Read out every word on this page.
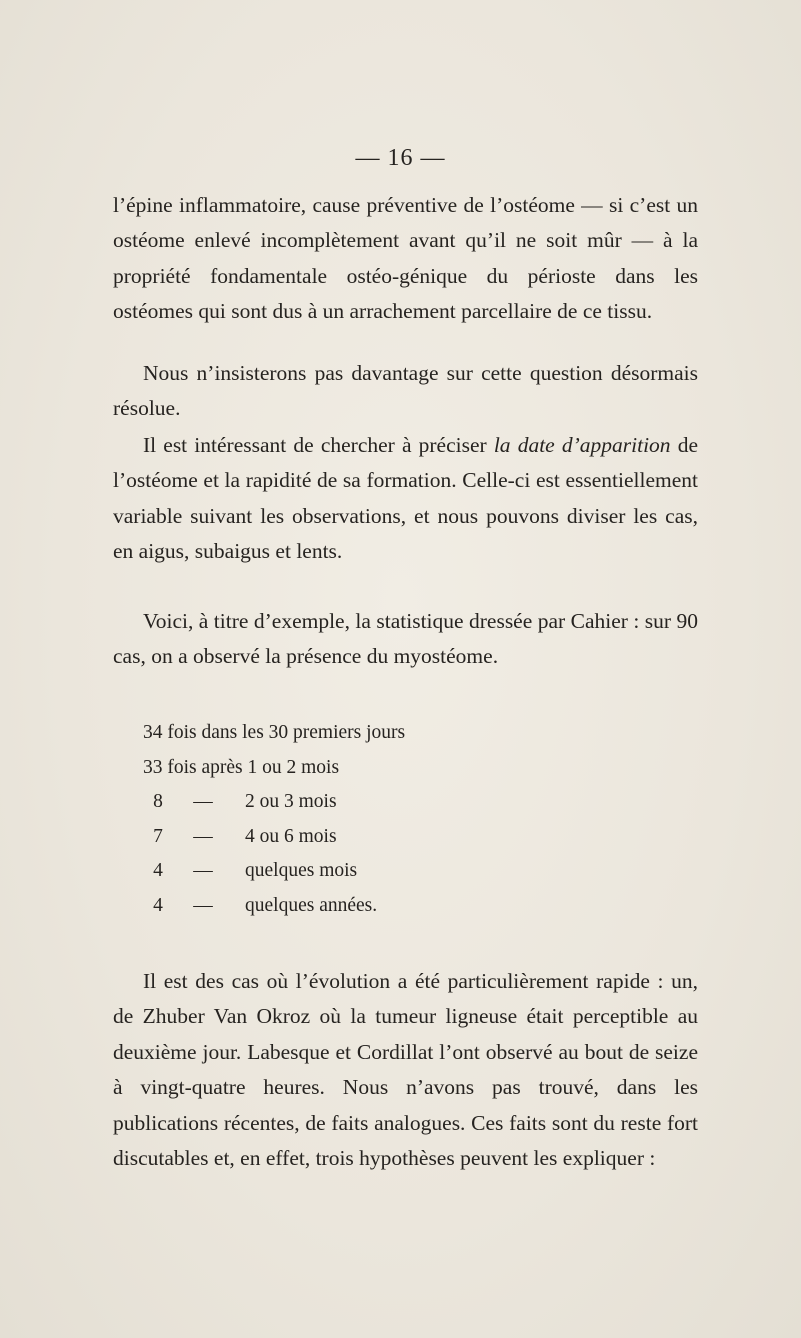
— 16 —

l’épine inflammatoire, cause préventive de l’ostéome — si c’est un ostéome enlevé incomplètement avant qu’il ne soit mûr — à la propriété fondamentale ostéo-génique du périoste dans les ostéomes qui sont dus à un arrachement parcellaire de ce tissu.

Nous n’insisterons pas davantage sur cette question désormais résolue.

Il est intéressant de chercher à préciser la date d’apparition de l’ostéome et la rapidité de sa formation. Celle-ci est essentiellement variable suivant les observations, et nous pouvons diviser les cas, en aigus, subaigus et lents.

Voici, à titre d’exemple, la statistique dressée par Cahier : sur 90 cas, on a observé la présence du myostéome.

34 fois dans les 30 premiers jours
33 fois après 1 ou 2 mois
8	—	2 ou 3 mois
7	—	4 ou 6 mois
4	—	quelques mois
4	—	quelques années.

Il est des cas où l’évolution a été particulièrement rapide : un, de Zhuber Van Okroz où la tumeur ligneuse était perceptible au deuxième jour. Labesque et Cordillat l’ont observé au bout de seize à vingt-quatre heures. Nous n’avons pas trouvé, dans les publications récentes, de faits analogues. Ces faits sont du reste fort discutables et, en effet, trois hypothèses peuvent les expliquer :
